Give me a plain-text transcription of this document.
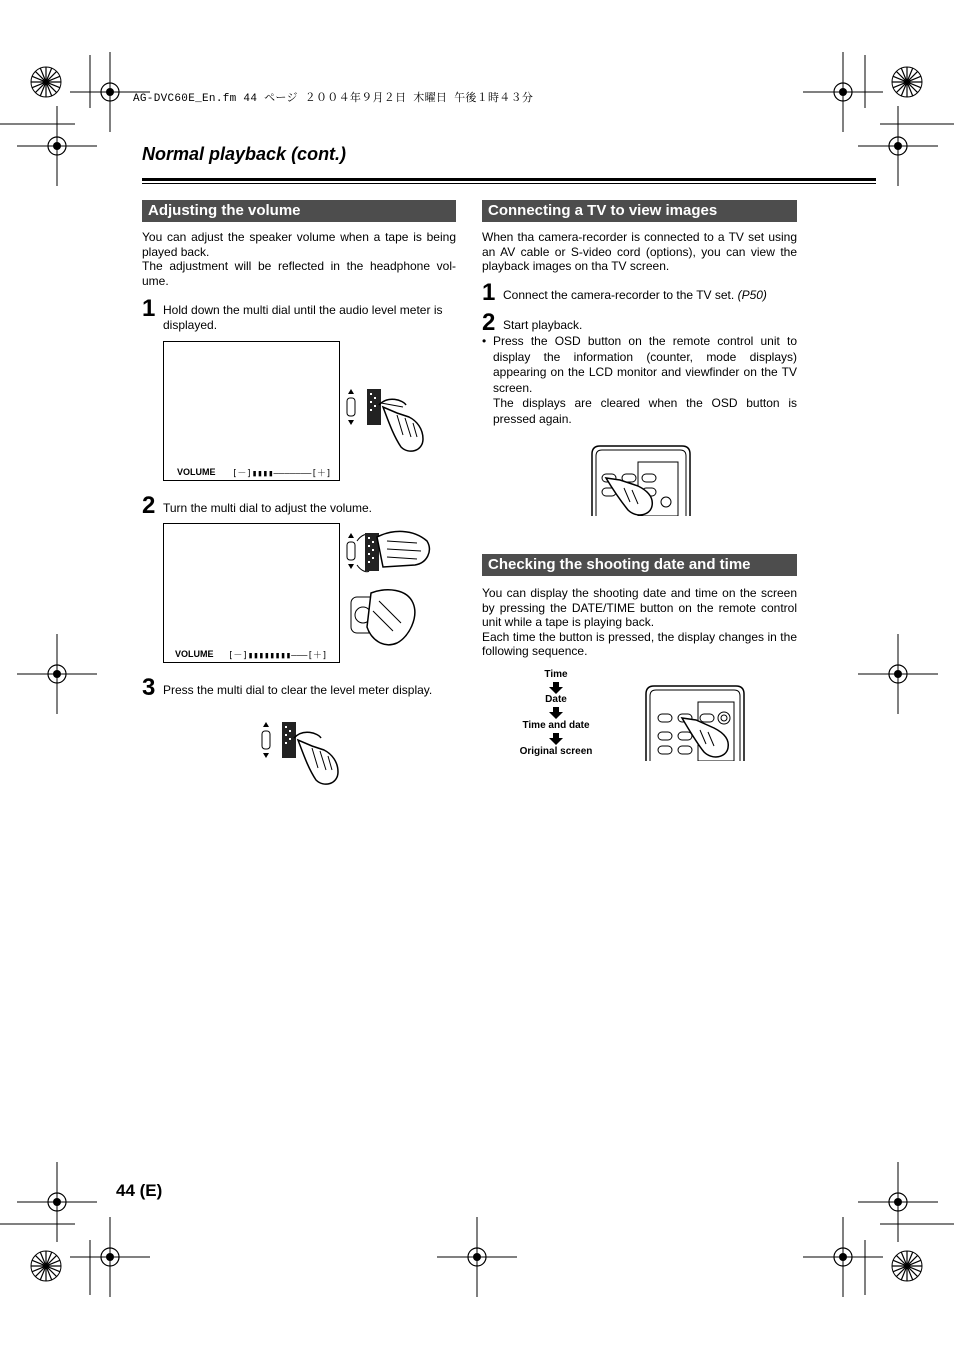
AG-DVC60E_En.fm 44 ページ ２００４年９月２日 木曜日 午後１時４３分
Normal playback (cont.)
Adjusting the volume
You can adjust the speaker volume when a tape is being played back.
The adjustment will be reflected in the headphone vol-ume.
1 Hold down the multi dial until the audio level meter is displayed.
VOLUME [－]▮▮▮▮–––––––[＋]
2 Turn the multi dial to adjust the volume.
VOLUME [－]▮▮▮▮▮▮▮▮–––[＋]
3 Press the multi dial to clear the level meter display.
Connecting a TV to view images
When tha camera-recorder is connected to a TV set using an AV cable or S-video cord (options), you can view the playback images on tha TV screen.
1 Connect the camera-recorder to the TV set. (P50)
2 Start playback.
• Press the OSD button on the remote control unit to display the information (counter, mode displays) appearing on the LCD monitor and viewfinder on the TV screen.
The displays are cleared when the OSD button is pressed again.
Checking the shooting date and time
You can display the shooting date and time on the screen by pressing the DATE/TIME button on the remote control unit while a tape is playing back.
Each time the button is pressed, the display changes in the following sequence.
Time
Date
Time and date
Original screen
44 (E)
